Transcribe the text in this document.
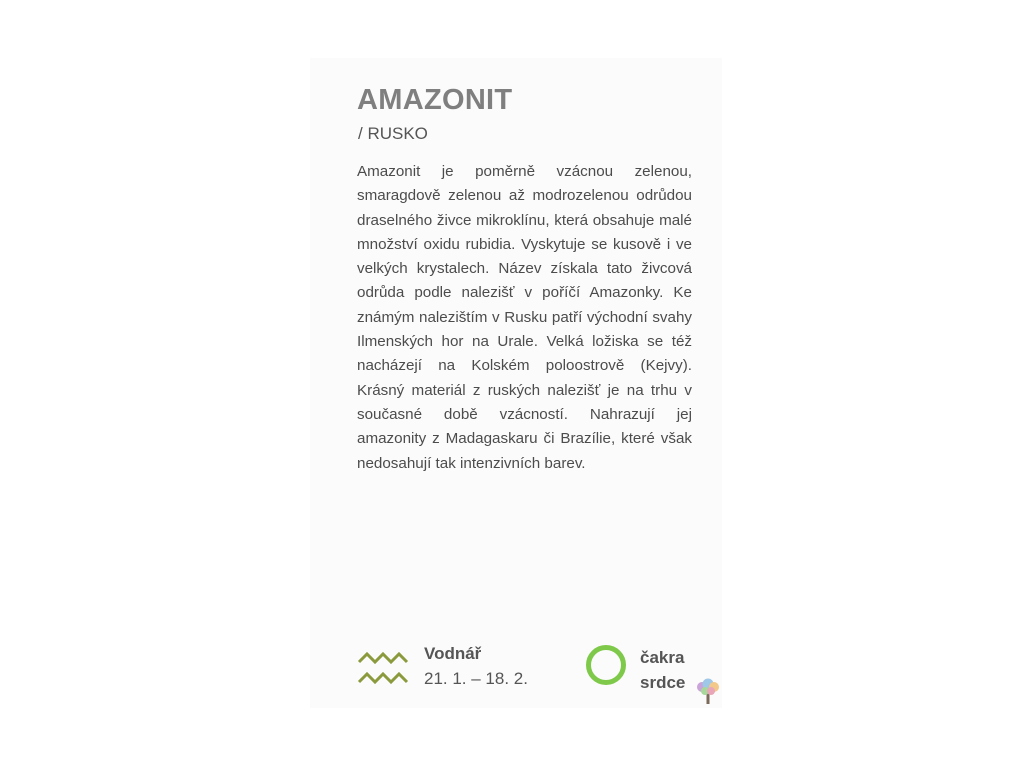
AMAZONIT
/ RUSKO

Amazonit je poměrně vzácnou zelenou, smaragdově zelenou až modrozelenou odrůdou draselného živce mikroklínu, která obsahuje malé množství oxidu rubidia. Vyskytuje se kusově i ve velkých krystalech. Název získala tato živcová odrůda podle nalezišť v poříčí Amazonky. Ke známým nalezištím v Rusku patří východní svahy Ilmenských hor na Urale. Velká ložiska se též nacházejí na Kolském poloostrově (Kejvy). Krásný materiál z ruských nalezišť je na trhu v současné době vzácností. Nahrazují jej amazonity z Madagaskaru či Brazílie, které však nedosahují tak intenzivních barev.

Vodnář
21. 1. – 18. 2.
čakra
srdce
